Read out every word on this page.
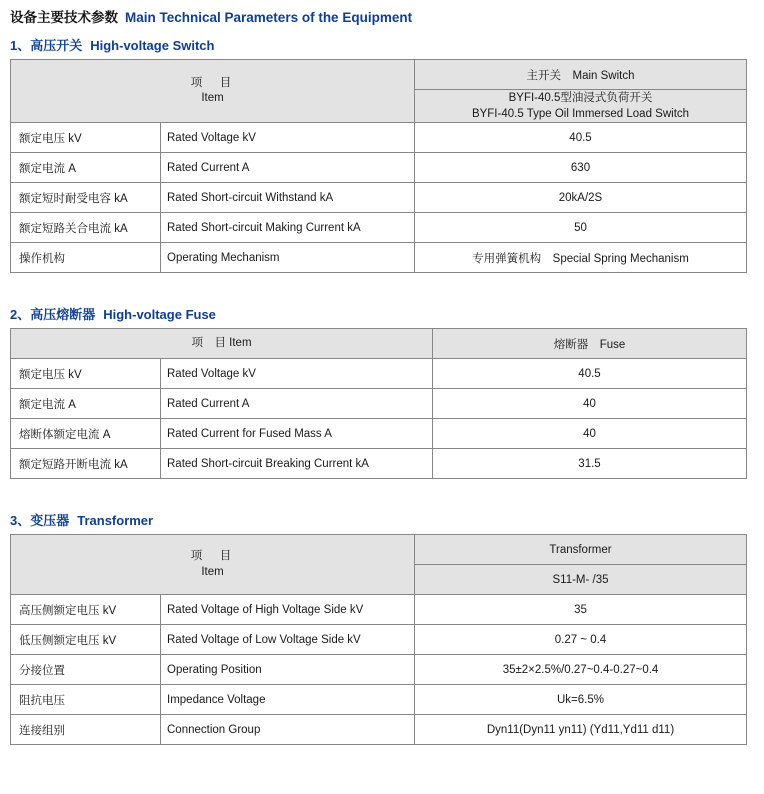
设备主要技术参数 Main Technical Parameters of the Equipment
1、高压开关 High-voltage Switch
项　目
Item		主开关　Main Switch

		BYFI-40.5型油浸式负荷开关
BYFI-40.5 Type Oil Immersed Load Switch

额定电压 kV	Rated Voltage kV	40.5
额定电流 A	Rated Current A	630
额定短时耐受电容 kA	Rated Short-circuit Withstand kA	20kA/2S
额定短路关合电流 kA	Rated Short-circuit Making Current kA	50
操作机构	Operating Mechanism	专用弹簧机构　Special Spring Mechanism
2、高压熔断器 High-voltage Fuse
项　目 Item		熔断器　Fuse
额定电压 kV	Rated Voltage kV	40.5
额定电流 A	Rated Current A	40
熔断体额定电流 A	Rated Current for Fused Mass A	40
额定短路开断电流 kA	Rated Short-circuit Breaking Current kA	31.5
3、变压器 Transformer
项　目
Item		Transformer
		S11-M- /35
高压侧额定电压 kV	Rated Voltage of High Voltage Side kV	35
低压侧额定电压 kV	Rated Voltage of Low Voltage Side kV	0.27 ~ 0.4
分接位置	Operating Position	35±2×2.5%/0.27~0.4-0.27~0.4
阻抗电压	Impedance Voltage	Uk=6.5%
连接组别	Connection Group	Dyn11(Dyn11 yn11) (Yd11,Yd11 d11)
